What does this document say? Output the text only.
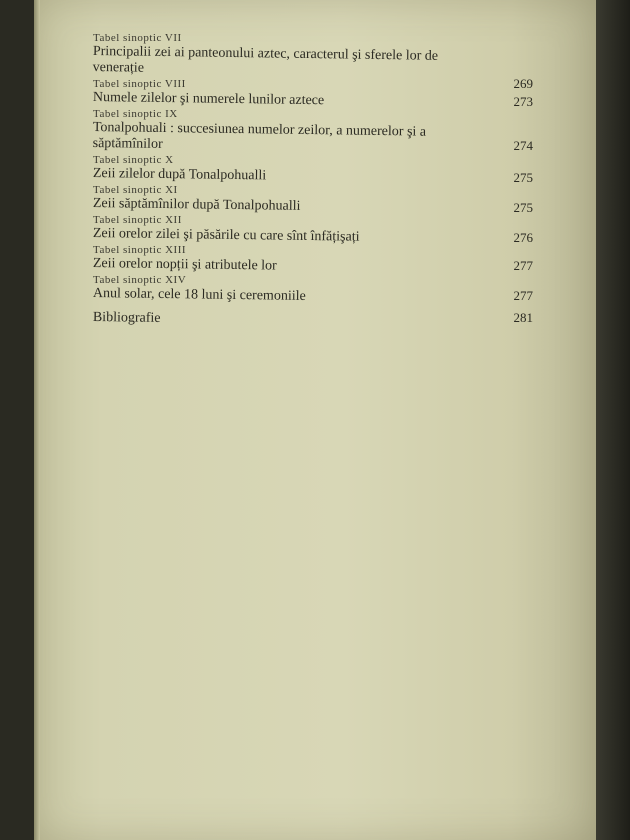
Tabel sinoptic VII
Principalii zei ai panteonului aztec, caracterul şi sferele lor de venerație
269
Tabel sinoptic VIII
Numele zilelor şi numerele lunilor aztece	273
Tabel sinoptic IX
Tonalpohuali : succesiunea numelor zeilor, a numerelor şi a săptămînilor	274
Tabel sinoptic X
Zeii zilelor după Tonalpohualli	275
Tabel sinoptic XI
Zeii săptămînilor după Tonalpohualli	275
Tabel sinoptic XII
Zeii orelor zilei şi păsările cu care sînt înfățişați	276
Tabel sinoptic XIII
Zeii orelor nopții şi atributele lor	277
Tabel sinoptic XIV
Anul solar, cele 18 luni şi ceremoniile	277
Bibliografie	281
